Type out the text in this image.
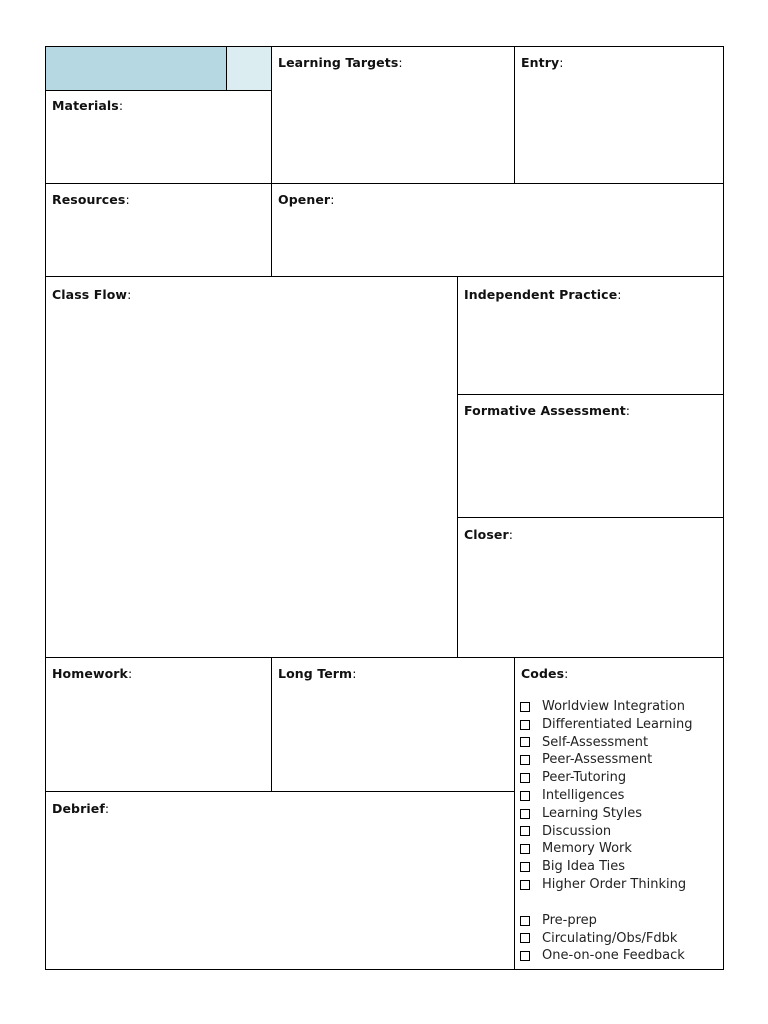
Materials:
Learning Targets:	Entry:
Resources:	Opener:
Class Flow:	Independent Practice:
Formative Assessment:
Closer:
Homework:	Long Term:	Codes:
Debrief:
Worldview Integration
Differentiated Learning
Self-Assessment
Peer-Assessment
Peer-Tutoring
Intelligences
Learning Styles
Discussion
Memory Work
Big Idea Ties
Higher Order Thinking
Pre-prep
Circulating/Obs/Fdbk
One-on-one Feedback
